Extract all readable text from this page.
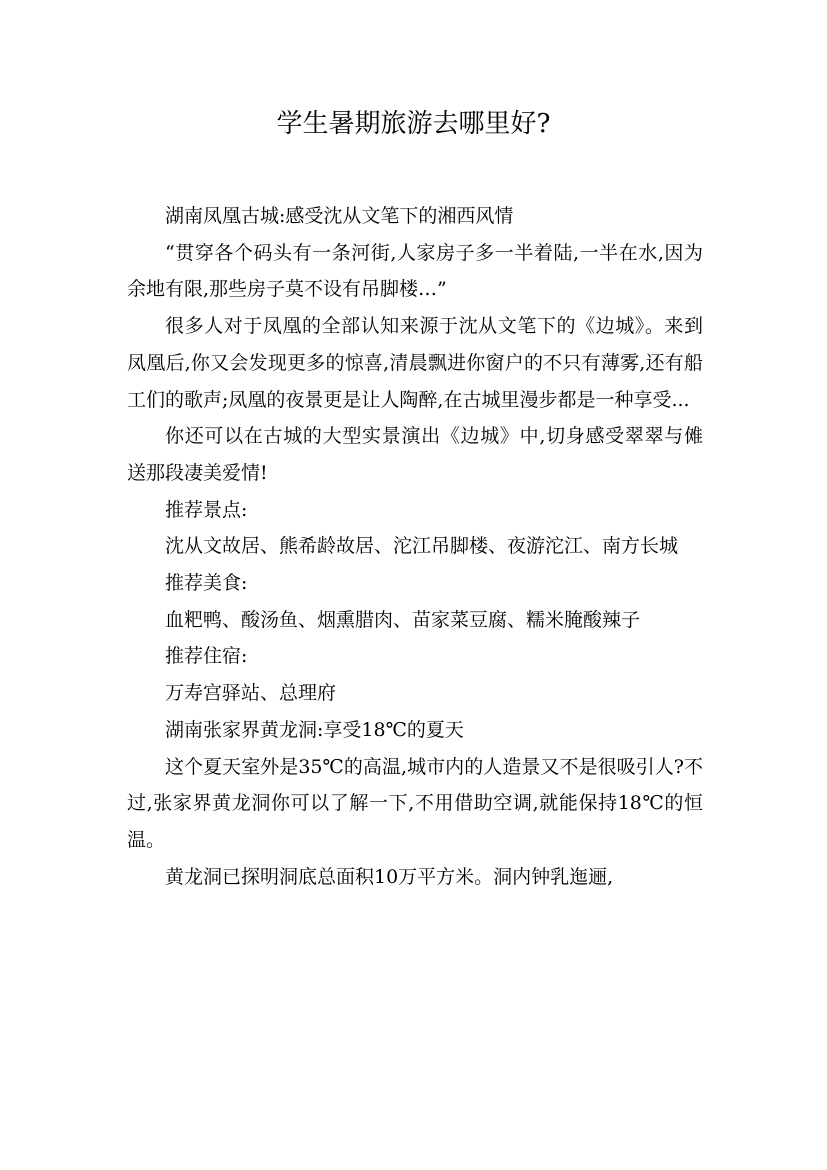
学生暑期旅游去哪里好?

湖南凤凰古城:感受沈从文笔下的湘西风情

“贯穿各个码头有一条河街,人家房子多一半着陆,一半在水,因为余地有限,那些房子莫不设有吊脚楼…”

很多人对于凤凰的全部认知来源于沈从文笔下的《边城》。来到凤凰后,你又会发现更多的惊喜,清晨飘进你窗户的不只有薄雾,还有船工们的歌声;凤凰的夜景更是让人陶醉,在古城里漫步都是一种享受...

你还可以在古城的大型实景演出《边城》中,切身感受翠翠与傩送那段凄美爱情!

推荐景点:

沈从文故居、熊希龄故居、沱江吊脚楼、夜游沱江、南方长城

推荐美食:

血粑鸭、酸汤鱼、烟熏腊肉、苗家菜豆腐、糯米腌酸辣子

推荐住宿:

万寿宫驿站、总理府

湖南张家界黄龙洞:享受18℃的夏天

这个夏天室外是35℃的高温,城市内的人造景又不是很吸引人?不过,张家界黄龙洞你可以了解一下,不用借助空调,就能保持18℃的恒温。

黄龙洞已探明洞底总面积10万平方米。洞内钟乳迤逦,
